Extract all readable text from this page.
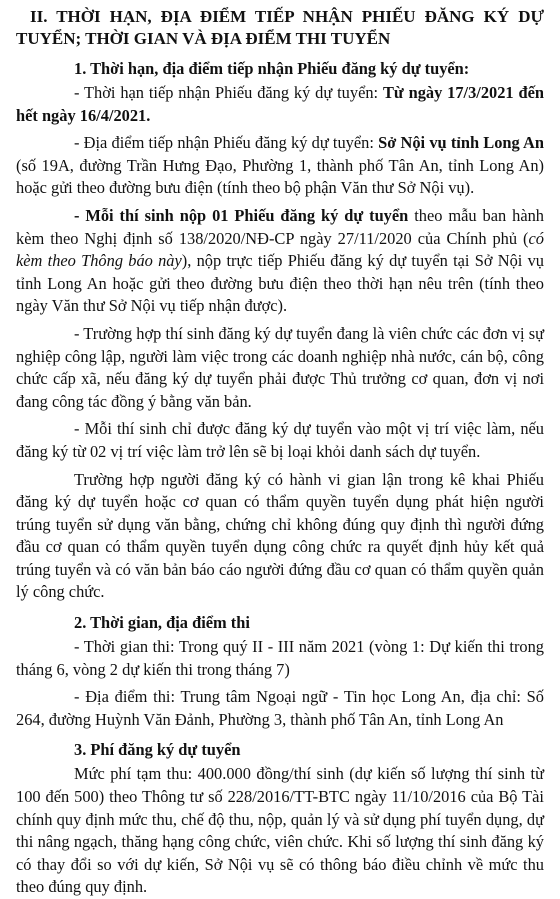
II. THỜI HẠN, ĐỊA ĐIỂM TIẾP NHẬN PHIẾU ĐĂNG KÝ DỰ TUYỂN; THỜI GIAN VÀ ĐỊA ĐIỂM THI TUYỂN
1. Thời hạn, địa điểm tiếp nhận Phiếu đăng ký dự tuyển:

- Thời hạn tiếp nhận Phiếu đăng ký dự tuyển: Từ ngày 17/3/2021 đến hết ngày 16/4/2021.

- Địa điểm tiếp nhận Phiếu đăng ký dự tuyển: Sở Nội vụ tỉnh Long An (số 19A, đường Trần Hưng Đạo, Phường 1, thành phố Tân An, tỉnh Long An) hoặc gửi theo đường bưu điện (tính theo bộ phận Văn thư Sở Nội vụ).

- Mỗi thí sinh nộp 01 Phiếu đăng ký dự tuyển theo mẫu ban hành kèm theo Nghị định số 138/2020/NĐ-CP ngày 27/11/2020 của Chính phủ (có kèm theo Thông báo này), nộp trực tiếp Phiếu đăng ký dự tuyển tại Sở Nội vụ tỉnh Long An hoặc gửi theo đường bưu điện theo thời hạn nêu trên (tính theo ngày Văn thư Sở Nội vụ tiếp nhận được).

- Trường hợp thí sinh đăng ký dự tuyển đang là viên chức các đơn vị sự nghiệp công lập, người làm việc trong các doanh nghiệp nhà nước, cán bộ, công chức cấp xã, nếu đăng ký dự tuyển phải được Thủ trưởng cơ quan, đơn vị nơi đang công tác đồng ý bằng văn bản.

- Mỗi thí sinh chỉ được đăng ký dự tuyển vào một vị trí việc làm, nếu đăng ký từ 02 vị trí việc làm trở lên sẽ bị loại khỏi danh sách dự tuyển.

Trường hợp người đăng ký có hành vi gian lận trong kê khai Phiếu đăng ký dự tuyển hoặc cơ quan có thẩm quyền tuyển dụng phát hiện người trúng tuyển sử dụng văn bằng, chứng chỉ không đúng quy định thì người đứng đầu cơ quan có thẩm quyền tuyển dụng công chức ra quyết định hủy kết quả trúng tuyển và có văn bản báo cáo người đứng đầu cơ quan có thẩm quyền quản lý công chức.

2. Thời gian, địa điểm thi

- Thời gian thi: Trong quý II - III năm 2021 (vòng 1: Dự kiến thi trong tháng 6, vòng 2 dự kiến thi trong tháng 7)

- Địa điểm thi: Trung tâm Ngoại ngữ - Tin học Long An, địa chỉ: Số 264, đường Huỳnh Văn Đảnh, Phường 3, thành phố Tân An, tỉnh Long An

3. Phí đăng ký dự tuyển

Mức phí tạm thu: 400.000 đồng/thí sinh (dự kiến số lượng thí sinh từ 100 đến 500) theo Thông tư số 228/2016/TT-BTC ngày 11/10/2016 của Bộ Tài chính quy định mức thu, chế độ thu, nộp, quản lý và sử dụng phí tuyển dụng, dự thi nâng ngạch, thăng hạng công chức, viên chức. Khi số lượng thí sinh đăng ký có thay đổi so với dự kiến, Sở Nội vụ sẽ có thông báo điều chỉnh về mức thu theo đúng quy định.
